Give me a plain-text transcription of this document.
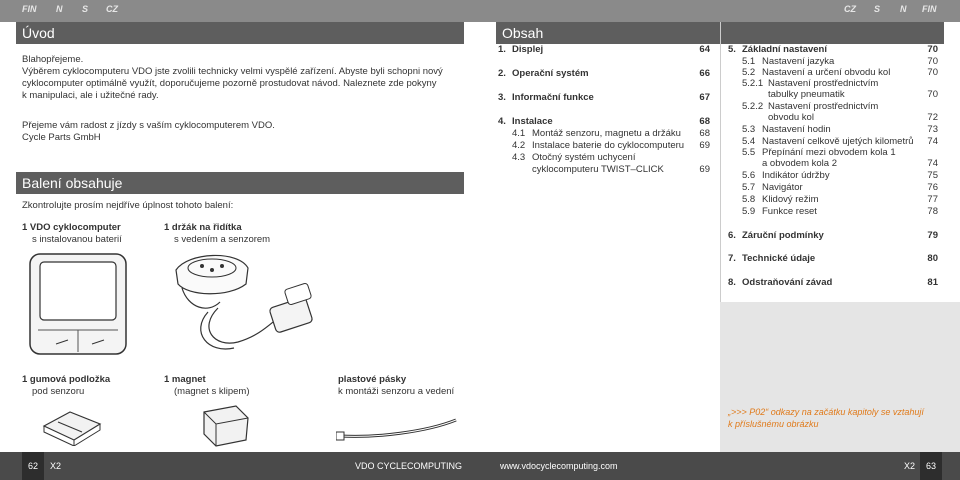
FIN N S CZ
Úvod
Blahopřejeme.
Výběrem cyklocomputeru VDO jste zvolili technicky velmi vyspělé zařízení. Abyste byli schopni nový
cyklocomputer optimálně využít, doporučujeme pozorně prostudovat návod. Naleznete zde pokyny
k manipulaci, ale i užitečné rady.
Přejeme vám radost z jízdy s vaším cyklocomputerem VDO.
Cycle Parts GmbH
Balení obsahuje
Zkontrolujte prosím nejdříve úplnost tohoto balení:
1 VDO cyklocomputer
s instalovanou baterií
1 držák na řidítka
s vedením a senzorem
1 gumová podložka
pod senzoru
1 magnet
(magnet s klipem)
plastové pásky
k montáži senzoru a vedení
62	X2	VDO CYCLECOMPUTING
CZ S N FIN
Obsah
1. Displej	64
2. Operační systém	66
3. Informační funkce	67
4. Instalace	68
4.1 Montáž senzoru, magnetu a držáku 68
4.2 Instalace baterie do cyklocomputeru 69
4.3 Otočný systém uchycení
cyklocomputeru TWIST–CLICK	69
5. Základní nastavení	70
5.1 Nastavení jazyka	70
5.2 Nastavení a určení obvodu kol	70
5.2.1 Nastavení prostřednictvím
tabulky pneumatik	70
5.2.2 Nastavení prostřednictvím
obvodu kol	72
5.3 Nastavení hodin	73
5.4 Nastavení celkově ujetých kilometrů 74
5.5 Přepínání mezi obvodem kola 1
a obvodem kola 2	74
5.6 Indikátor údržby	75
5.7 Navigátor	76
5.8 Klidový režim	77
5.9 Funkce reset	78
6. Záruční podmínky	79
7. Technické údaje	80
8. Odstraňování závad	81
„>>> P02“ odkazy na začátku kapitoly se vztahují k příslušnému obrázku
www.vdocyclecomputing.com	X2	63
